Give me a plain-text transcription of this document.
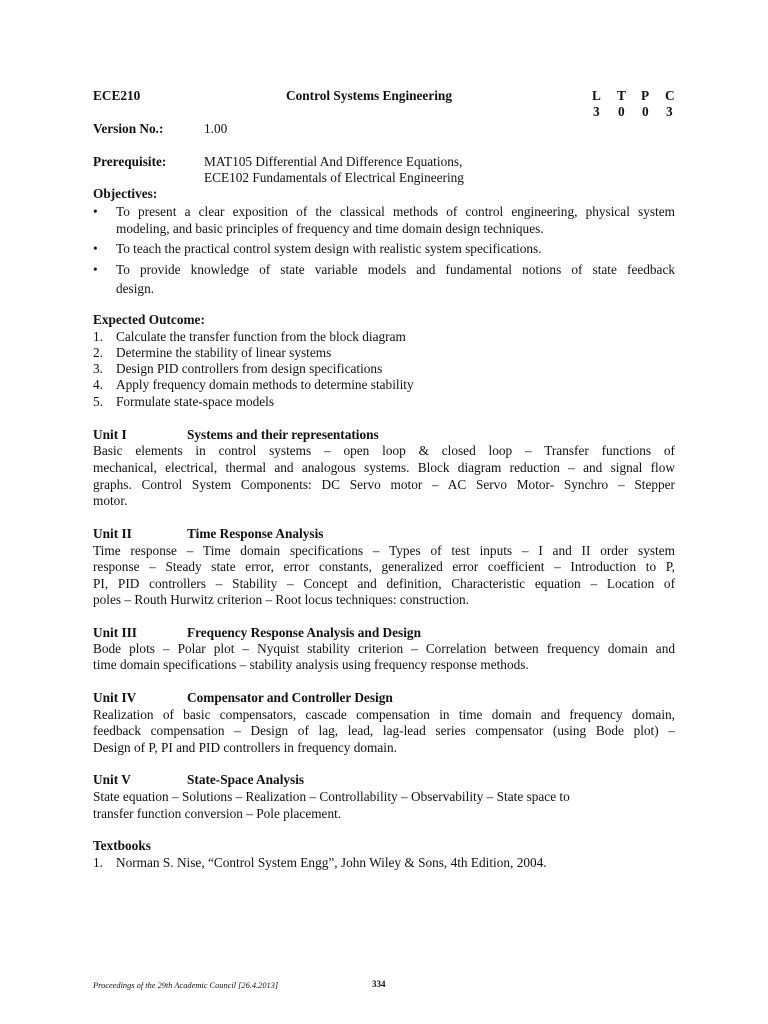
ECE210	Control Systems Engineering	L T P C
3 0 0 3
Version No.:	1.00
Prerequisite:	MAT105 Differential And Difference Equations,
ECE102 Fundamentals of Electrical Engineering
Objectives:
• To present a clear exposition of the classical methods of control engineering, physical system
modeling, and basic principles of frequency and time domain design techniques.
• To teach the practical control system design with realistic system specifications.
• To provide knowledge of state variable models and fundamental notions of state feedback
design.
Expected Outcome:
1. Calculate the transfer function from the block diagram
2. Determine the stability of linear systems
3. Design PID controllers from design specifications
4. Apply frequency domain methods to determine stability
5. Formulate state-space models
Unit I	Systems and their representations
Basic elements in control systems – open loop & closed loop – Transfer functions of
mechanical, electrical, thermal and analogous systems. Block diagram reduction – and signal flow
graphs. Control System Components: DC Servo motor – AC Servo Motor- Synchro – Stepper
motor.
Unit II	Time Response Analysis
Time response – Time domain specifications – Types of test inputs – I and II order system
response – Steady state error, error constants, generalized error coefficient – Introduction to P,
PI, PID controllers – Stability – Concept and definition, Characteristic equation – Location of
poles – Routh Hurwitz criterion – Root locus techniques: construction.
Unit III	Frequency Response Analysis and Design
Bode plots – Polar plot – Nyquist stability criterion – Correlation between frequency domain and
time domain specifications – stability analysis using frequency response methods.
Unit IV	Compensator and Controller Design
Realization of basic compensators, cascade compensation in time domain and frequency domain,
feedback compensation – Design of lag, lead, lag-lead series compensator (using Bode plot) –
Design of P, PI and PID controllers in frequency domain.
Unit V	State-Space Analysis
State equation – Solutions – Realization – Controllability – Observability – State space to
transfer function conversion – Pole placement.
Textbooks
1. Norman S. Nise, “Control System Engg”, John Wiley & Sons, 4th Edition, 2004.
Proceedings of the 29th Academic Council [26.4.2013]	334
